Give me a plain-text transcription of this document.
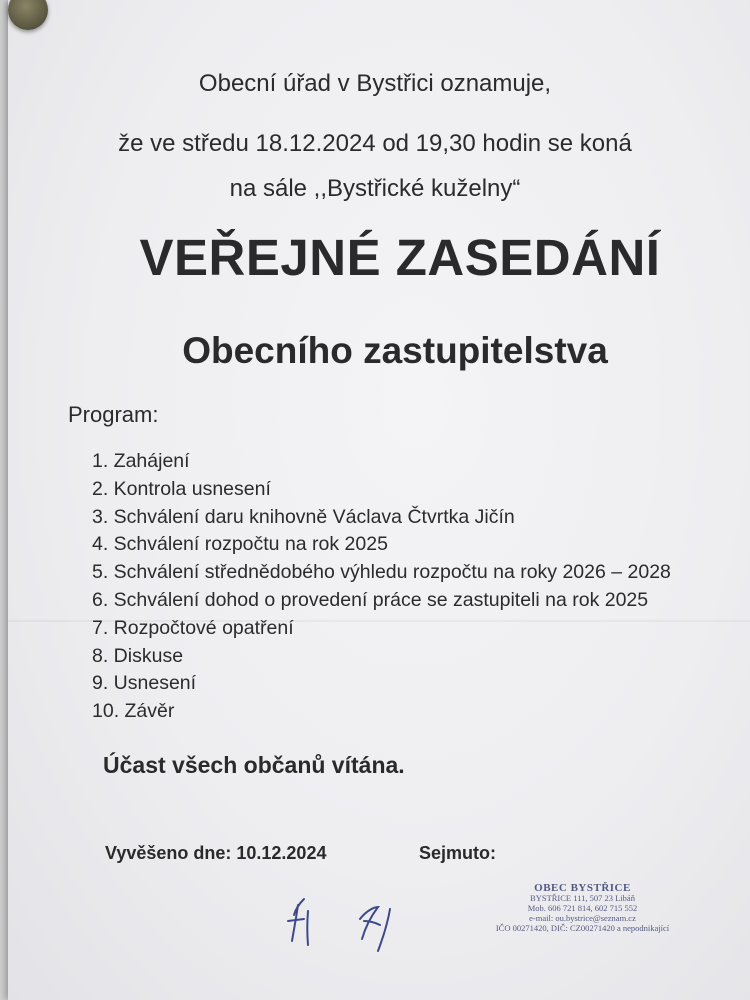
Obecní úřad v Bystřici oznamuje,
že ve středu 18.12.2024 od 19,30 hodin se koná
na sále ,,Bystřické kuželny“
VEŘEJNÉ ZASEDÁNÍ
Obecního zastupitelstva
Program:
1. Zahájení
2. Kontrola usnesení
3. Schválení daru knihovně Václava Čtvrtka Jičín
4. Schválení rozpočtu na rok 2025
5. Schválení střednědobého výhledu rozpočtu na roky 2026 – 2028
6. Schválení dohod o provedení práce se zastupiteli na rok 2025
7. Rozpočtové opatření
8. Diskuse
9. Usnesení
10. Závěr
Účast všech občanů vítána.
Vyvěšeno dne: 10.12.2024	Sejmuto:
OBEC BYSTŘICE
BYSTŘICE 111, 507 23 Libáň
Mob. 606 721 814, 602 715 552
e-mail: ou.bystrice@seznam.cz
IČO 00271420, DIČ: CZ00271420 a nepodnikající
